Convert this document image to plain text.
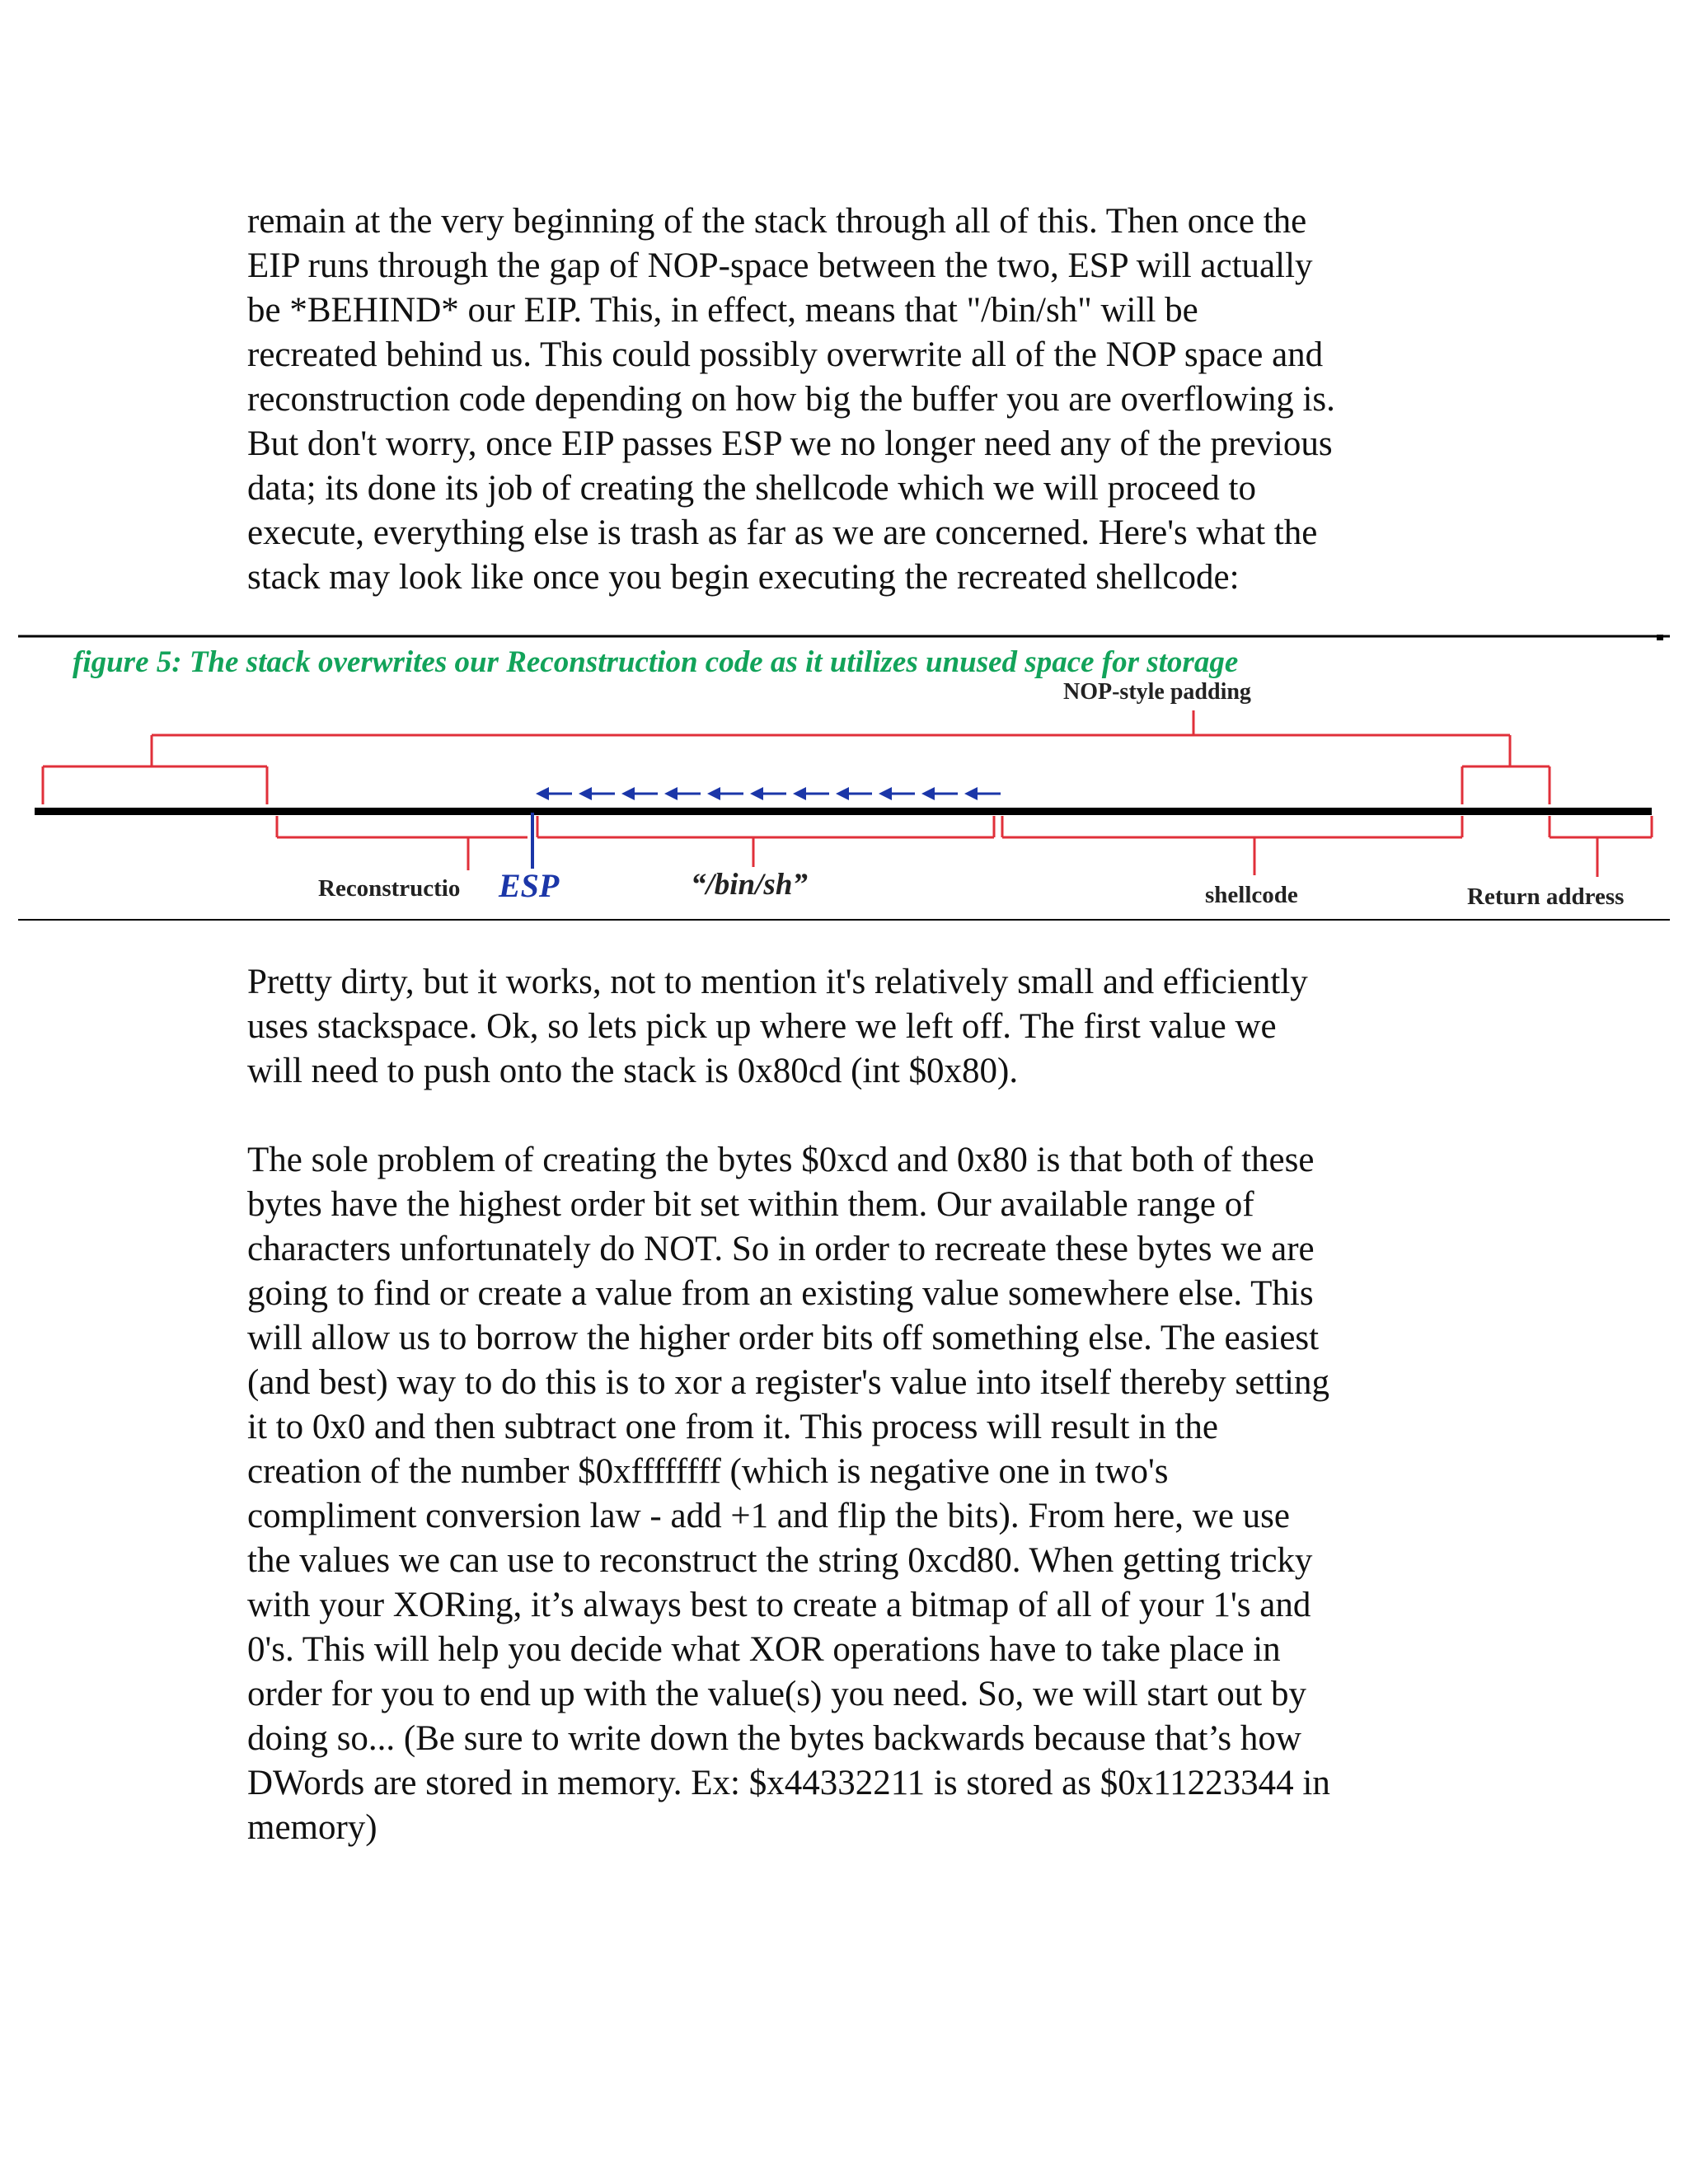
remain at the very beginning of the stack through all of this. Then once the
EIP runs through the gap of NOP-space between the two, ESP will actually
be *BEHIND* our EIP. This, in effect, means that "/bin/sh" will be
recreated behind us. This could possibly overwrite all of the NOP space and
reconstruction code depending on how big the buffer you are overflowing is.
But don't worry, once EIP passes ESP we no longer need any of the previous
data; its done its job of creating the shellcode which we will proceed to
execute, everything else is trash as far as we are concerned. Here's what the
stack may look like once you begin executing the recreated shellcode:

figure 5: The stack overwrites our Reconstruction code as it utilizes unused space for storage
NOP-style padding
Reconstructio ESP	“/bin/sh”	shellcode	Return address

Pretty dirty, but it works, not to mention it's relatively small and efficiently
uses stackspace. Ok, so lets pick up where we left off. The first value we
will need to push onto the stack is 0x80cd (int $0x80).

The sole problem of creating the bytes $0xcd and 0x80 is that both of these
bytes have the highest order bit set within them. Our available range of
characters unfortunately do NOT. So in order to recreate these bytes we are
going to find or create a value from an existing value somewhere else. This
will allow us to borrow the higher order bits off something else. The easiest
(and best) way to do this is to xor a register's value into itself thereby setting
it to 0x0 and then subtract one from it. This process will result in the
creation of the number $0xffffffff (which is negative one in two's
compliment conversion law - add +1 and flip the bits). From here, we use
the values we can use to reconstruct the string 0xcd80. When getting tricky
with your XORing, it’s always best to create a bitmap of all of your 1's and
0's. This will help you decide what XOR operations have to take place in
order for you to end up with the value(s) you need. So, we will start out by
doing so... (Be sure to write down the bytes backwards because that’s how
DWords are stored in memory. Ex: $x44332211 is stored as $0x11223344 in
memory)
